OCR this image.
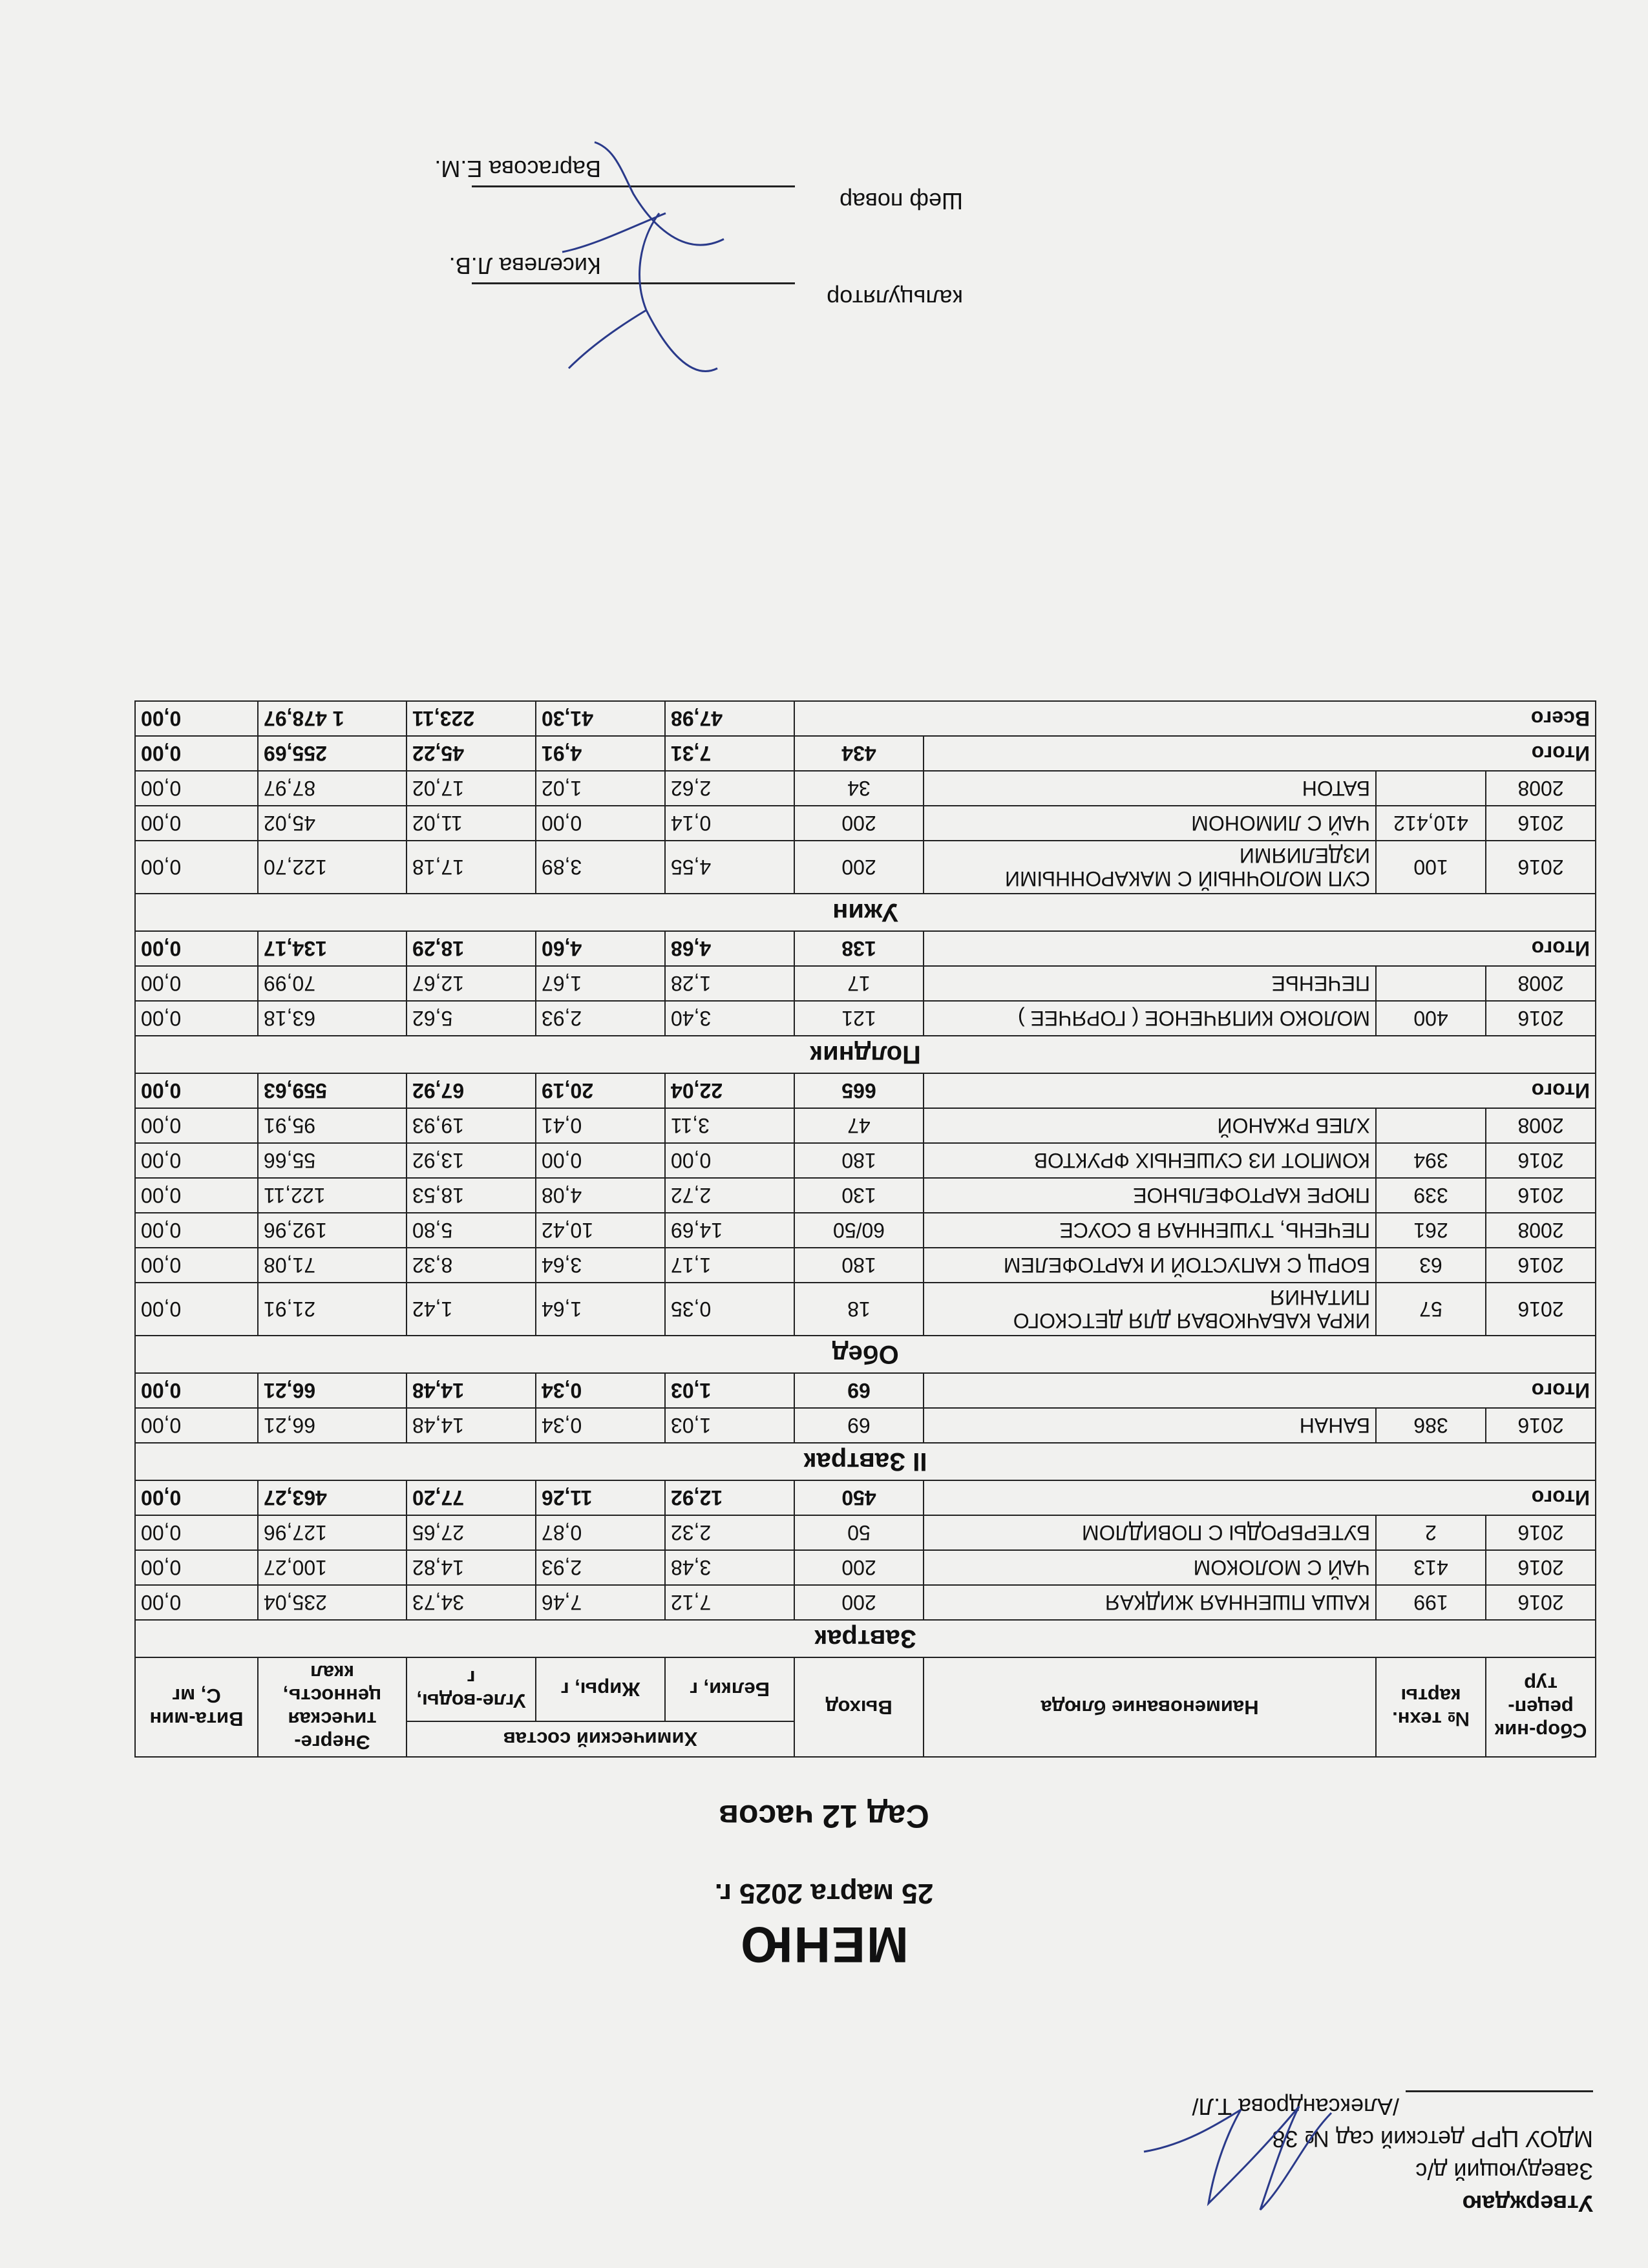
Утверждаю
Заведующий д/с
МДОУ ЦРР детский сад № 38
/Александрова Т.Л/
МЕНЮ
25 марта 2025 г.
Сад 12 часов
Сбор-ник рецеп-тур	№ техн. карты	Наименование блюда	Выход	Химический состав			Энерге-тическая ценность, ккал	Вита-мин С, мг
				Белки, г	Жиры, г	Угле-воды, г		
Завтрак								
2016	199	КАША ПШЕННАЯ ЖИДКАЯ	200	7,12	7,46	34,73	235,04	0,00
2016	413	ЧАЙ С МОЛОКОМ	200	3,48	2,93	14,82	100,27	0,00
2016	2	БУТЕРБРОДЫ С ПОВИДЛОМ	50	2,32	0,87	27,65	127,96	0,00
Итого			450	12,92	11,26	77,20	463,27	0,00
II Завтрак								
2016	386	БАНАН	69	1,03	0,34	14,48	66,21	0,00
Итого			69	1,03	0,34	14,48	66,21	0,00
Обед								
2016	57	ИКРА КАБАЧКОВАЯ ДЛЯ ДЕТСКОГО ПИТАНИЯ	18	0,35	1,64	1,42	21,91	0,00
2016	63	БОРЩ С КАПУСТОЙ И КАРТОФЕЛЕМ	180	1,17	3,64	8,32	71,08	0,00
2008	261	ПЕЧЕНЬ, ТУШЕННАЯ В СОУСЕ	60/50	14,69	10,42	5,80	192,96	0,00
2016	339	ПЮРЕ КАРТОФЕЛЬНОЕ	130	2,72	4,08	18,53	122,11	0,00
2016	394	КОМПОТ ИЗ СУШЕНЫХ ФРУКТОВ	180	0,00	0,00	13,92	55,66	0,00
2008		ХЛЕБ РЖАНОЙ	47	3,11	0,41	19,93	95,91	0,00
Итого			665	22,04	20,19	67,92	559,63	0,00
Полдник								
2016	400	МОЛОКО КИПЯЧЕНОЕ ( ГОРЯЧЕЕ )	121	3,40	2,93	5,62	63,18	0,00
2008		ПЕЧЕНЬЕ	17	1,28	1,67	12,67	70,99	0,00
Итого			138	4,68	4,60	18,29	134,17	0,00
Ужин								
2016	100	СУП МОЛОЧНЫЙ С МАКАРОННЫМИ ИЗДЕЛИЯМИ	200	4,55	3,89	17,18	122,70	0,00
2016	410,412	ЧАЙ С ЛИМОНОМ	200	0,14	0,00	11,02	45,02	0,00
2008		БАТОН	34	2,62	1,02	17,02	87,97	0,00
Итого			434	7,31	4,91	45,22	255,69	0,00
Всего				47,98	41,30	223,11	1 478,97	0,00
кальцулятор
Киселева Л.В.
Шеф повар
Варгасова Е.М.
